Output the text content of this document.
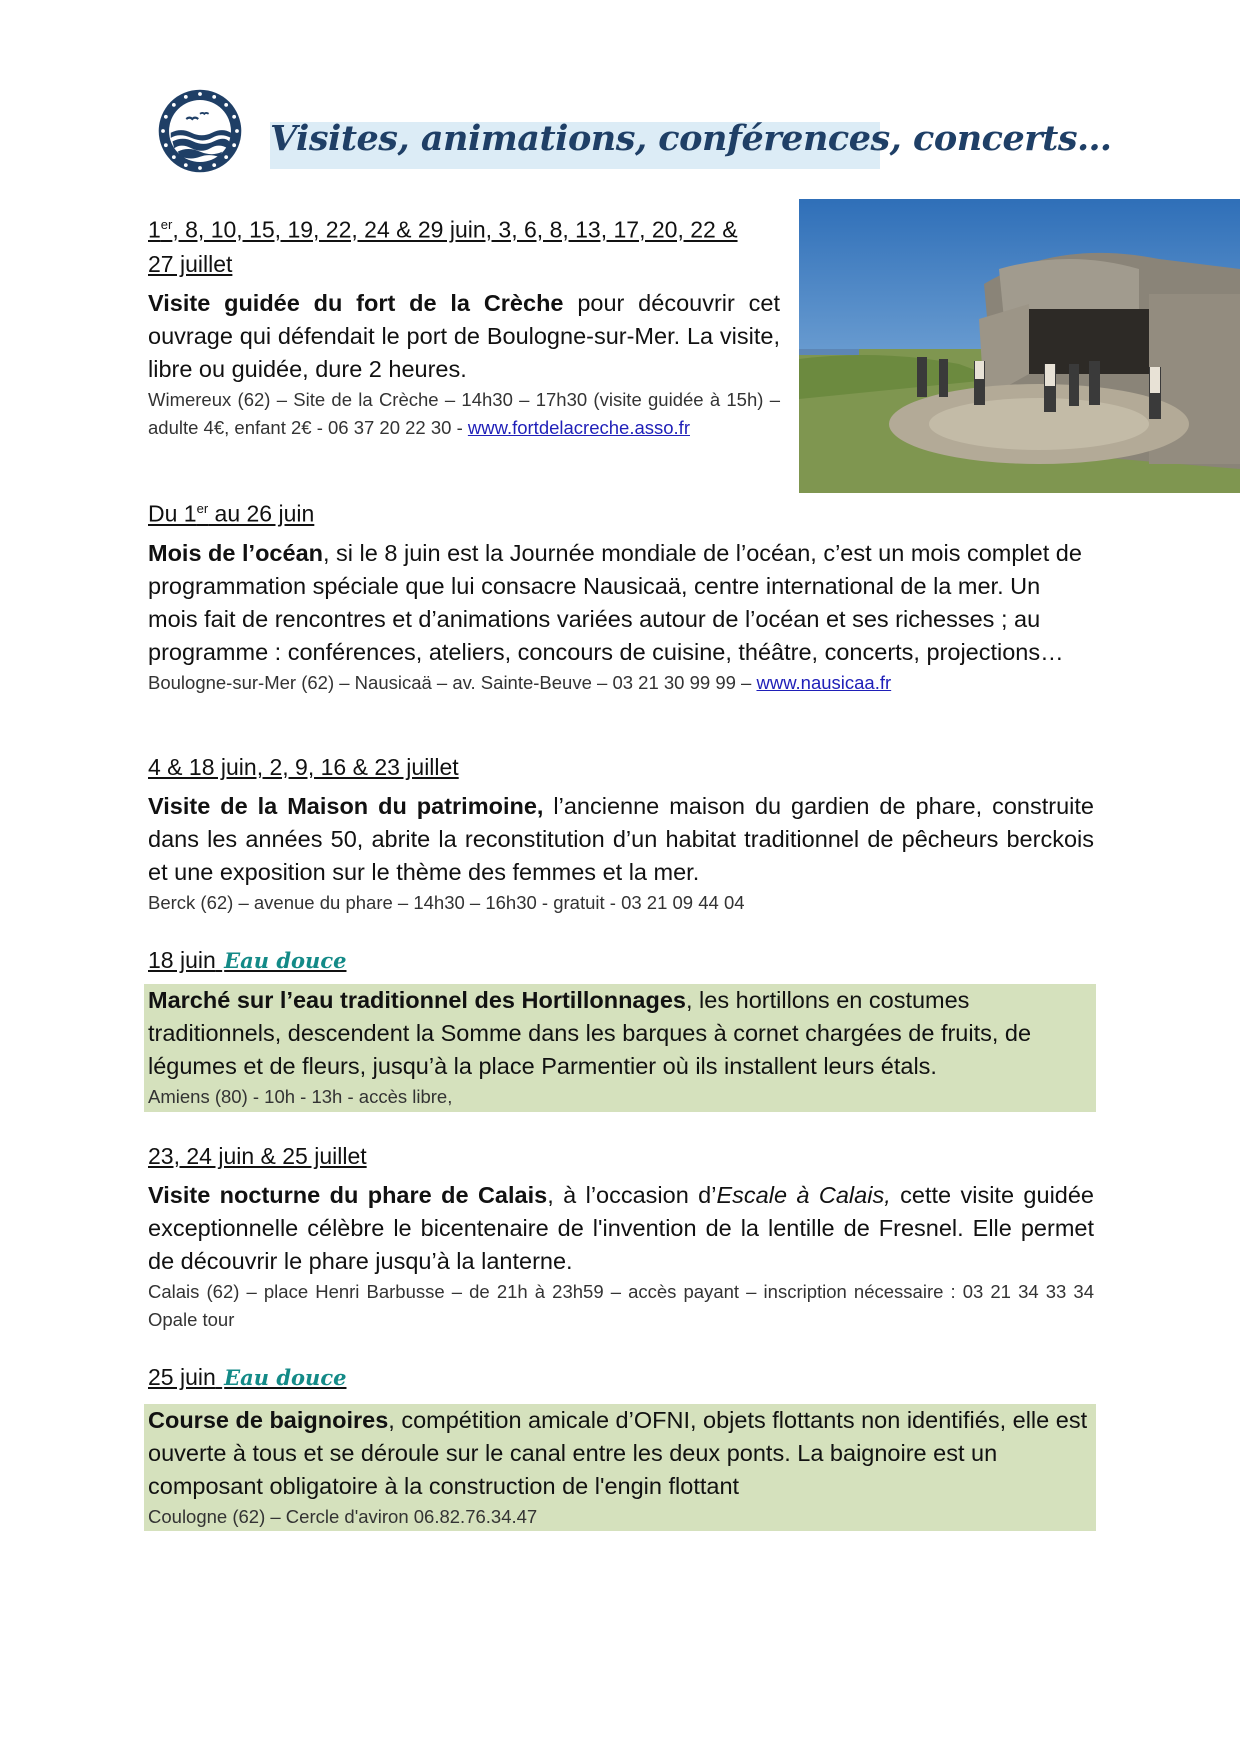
Visites, animations, conférences, concerts…
1er, 8, 10, 15, 19, 22, 24 & 29 juin, 3, 6, 8, 13, 17, 20, 22 &
27 juillet
Visite guidée du fort de la Crèche pour découvrir cet ouvrage qui défendait le port de Boulogne-sur-Mer. La visite, libre ou guidée, dure 2 heures.
Wimereux (62) – Site de la Crèche – 14h30 – 17h30 (visite guidée à 15h) – adulte 4€, enfant 2€ - 06 37 20 22 30 - www.fortdelacreche.asso.fr
Du 1er au 26 juin
Mois de l’océan, si le 8 juin est la Journée mondiale de l’océan, c’est un mois complet de programmation spéciale que lui consacre Nausicaä, centre international de la mer. Un mois fait de rencontres et d’animations variées autour de l’océan et ses richesses ; au programme : conférences, ateliers, concours de cuisine, théâtre, concerts, projections…
Boulogne-sur-Mer (62) – Nausicaä – av. Sainte-Beuve – 03 21 30 99 99 – www.nausicaa.fr
4 & 18 juin, 2, 9, 16 & 23 juillet
Visite de la Maison du patrimoine, l’ancienne maison du gardien de phare, construite dans les années 50, abrite la reconstitution d’un habitat traditionnel de pêcheurs berckois et une exposition sur le thème des femmes et la mer.
Berck (62) – avenue du phare – 14h30 – 16h30 - gratuit - 03 21 09 44 04
18 juin Eau douce
Marché sur l’eau traditionnel des Hortillonnages, les hortillons en costumes traditionnels, descendent la Somme dans les barques à cornet chargées de fruits, de légumes et de fleurs, jusqu’à la place Parmentier où ils installent leurs étals.
Amiens (80) - 10h - 13h - accès libre,
23, 24 juin & 25 juillet
Visite nocturne du phare de Calais, à l’occasion d’Escale à Calais, cette visite guidée exceptionnelle célèbre le bicentenaire de l'invention de la lentille de Fresnel. Elle permet de découvrir le phare jusqu’à la lanterne.
Calais (62) – place Henri Barbusse – de 21h à 23h59 – accès payant – inscription nécessaire : 03 21 34 33 34 Opale tour
25 juin Eau douce
Course de baignoires, compétition amicale d’OFNI, objets flottants non identifiés, elle est ouverte à tous et se déroule sur le canal entre les deux ponts. La baignoire est un composant obligatoire à la construction de l'engin flottant
Coulogne (62) – Cercle d'aviron 06.82.76.34.47
